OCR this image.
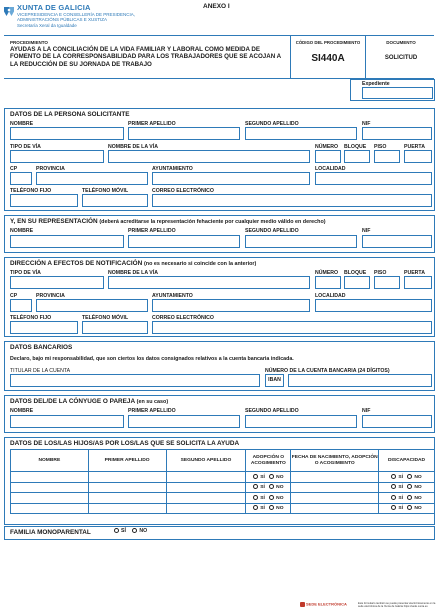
XUNTA DE GALICIA
VICEPRESIDENCIA E CONSELLERÍA DE PRESIDENCIA,
ADMINISTRACIÓNS PÚBLICAS E XUSTIZA
Secretaría Xeral da Igualdade
ANEXO I
PROCEDIMIENTO
AYUDAS A LA CONCILIACIÓN DE LA VIDA FAMILIAR Y LABORAL COMO MEDIDA DE FOMENTO DE LA CORRESPONSABILIDAD PARA LOS TRABAJADORES QUE SE ACOJAN A LA REDUCCIÓN DE SU JORNADA DE TRABAJO
CÓDIGO DEL PROCEDIMIENTO
SI440A
DOCUMENTO
SOLICITUD
Expediente
DATOS DE LA PERSONA SOLICITANTE
NOMBRE	PRIMER APELLIDO	SEGUNDO APELLIDO	NIF
TIPO DE VÍA	NOMBRE DE LA VÍA	NÚMERO BLOQUE PISO	PUERTA
CP	PROVINCIA	AYUNTAMIENTO	LOCALIDAD
TELÉFONO FIJO	TELÉFONO MÓVIL	CORREO ELECTRÓNICO
Y, EN SU REPRESENTACIÓN (deberá acreditarse la representación fehaciente por cualquier medio válido en derecho)
NOMBRE	PRIMER APELLIDO	SEGUNDO APELLIDO	NIF
DIRECCIÓN A EFECTOS DE NOTIFICACIÓN (no es necesario si coincide con la anterior)
TIPO DE VÍA	NOMBRE DE LA VÍA	NÚMERO BLOQUE PISO	PUERTA
CP	PROVINCIA	AYUNTAMIENTO	LOCALIDAD
TELÉFONO FIJO	TELÉFONO MÓVIL	CORREO ELECTRÓNICO
DATOS BANCARIOS
Declaro, bajo mi responsabilidad, que son ciertos los datos consignados relativos a la cuenta bancaria indicada.
TITULAR DE LA CUENTA	NÚMERO DE LA CUENTA BANCARIA (24 DÍGITOS)
IBAN
DATOS DEL/DE LA CÓNYUGE O PAREJA (en su caso)
NOMBRE	PRIMER APELLIDO	SEGUNDO APELLIDO	NIF
DATOS DE LOS/LAS HIJOS/AS POR LOS/LAS QUE SE SOLICITA LA AYUDA
NOMBRE	PRIMER APELLIDO	SEGUNDO APELLIDO	ADOPCIÓN O ACOGIMIENTO	FECHA DE NACIMIENTO, ADOPCIÓN O ACOGIMIENTO	DISCAPACIDAD
			SÍ NO		SÍ NO
			SÍ NO		SÍ NO
			SÍ NO		SÍ NO
			SÍ NO		SÍ NO
FAMILIA MONOPARENTAL	SÍ	NO
SEDE ELECTRÓNICA	Este formulario también se puede presentar electrónicamente en la sede electrónica de la Xunta de Galicia https://sede.xunta.es
